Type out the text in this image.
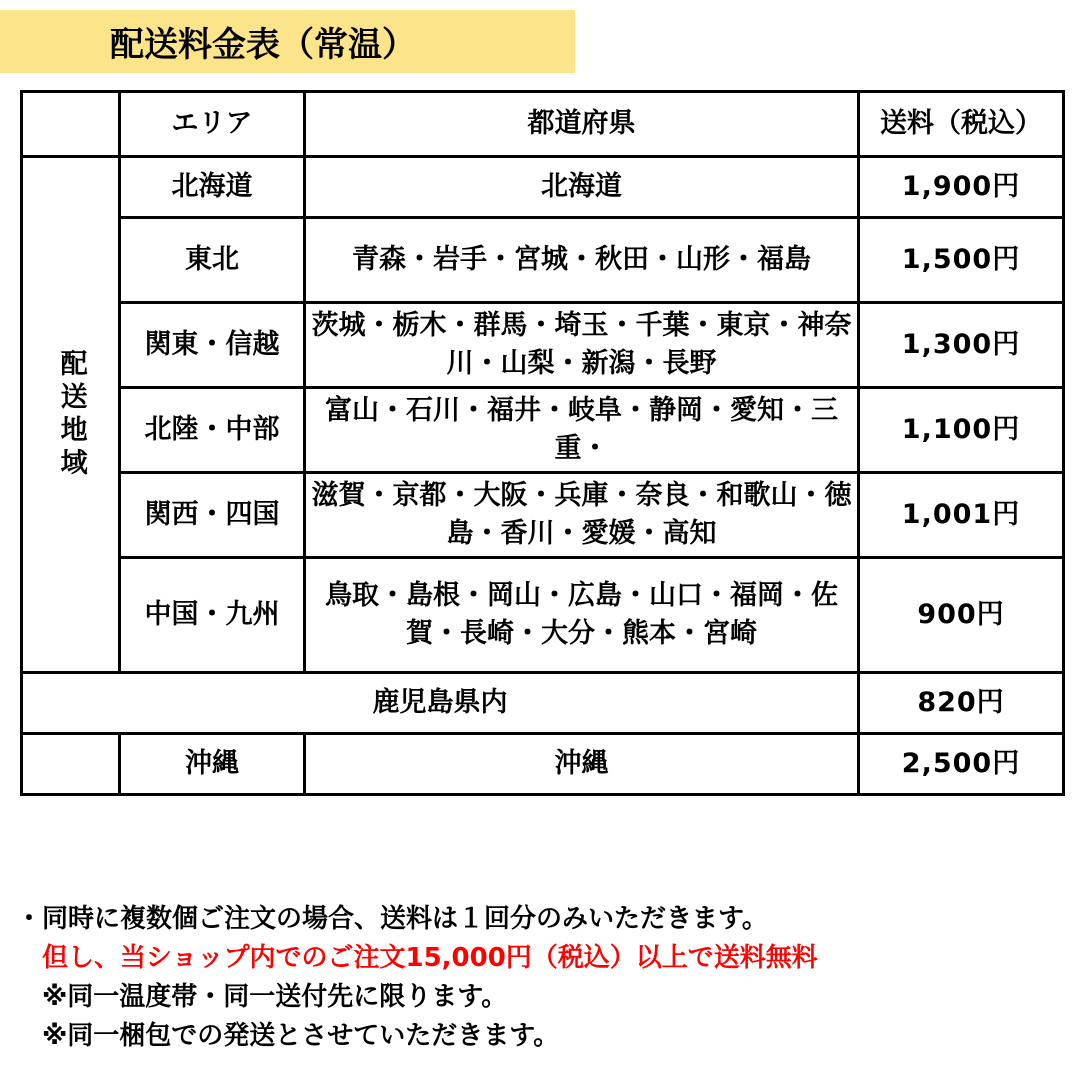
配送料金表（常温）
	エリア	都道府県	送料（税込）
配送地域	北海道	北海道	1,900円
	東北	青森・岩手・宮城・秋田・山形・福島	1,500円
	関東・信越	茨城・栃木・群馬・埼玉・千葉・東京・神奈川・山梨・新潟・長野	1,300円
	北陸・中部	富山・石川・福井・岐阜・静岡・愛知・三重・	1,100円
	関西・四国	滋賀・京都・大阪・兵庫・奈良・和歌山・徳島・香川・愛媛・高知	1,001円
	中国・九州	鳥取・島根・岡山・広島・山口・福岡・佐賀・長崎・大分・熊本・宮崎	900円
鹿児島県内			820円
	沖縄	沖縄	2,500円
・同時に複数個ご注文の場合、送料は１回分のみいただきます。
但し、当ショップ内でのご注文15,000円（税込）以上で送料無料
※同一温度帯・同一送付先に限ります。
※同一梱包での発送とさせていただきます。
